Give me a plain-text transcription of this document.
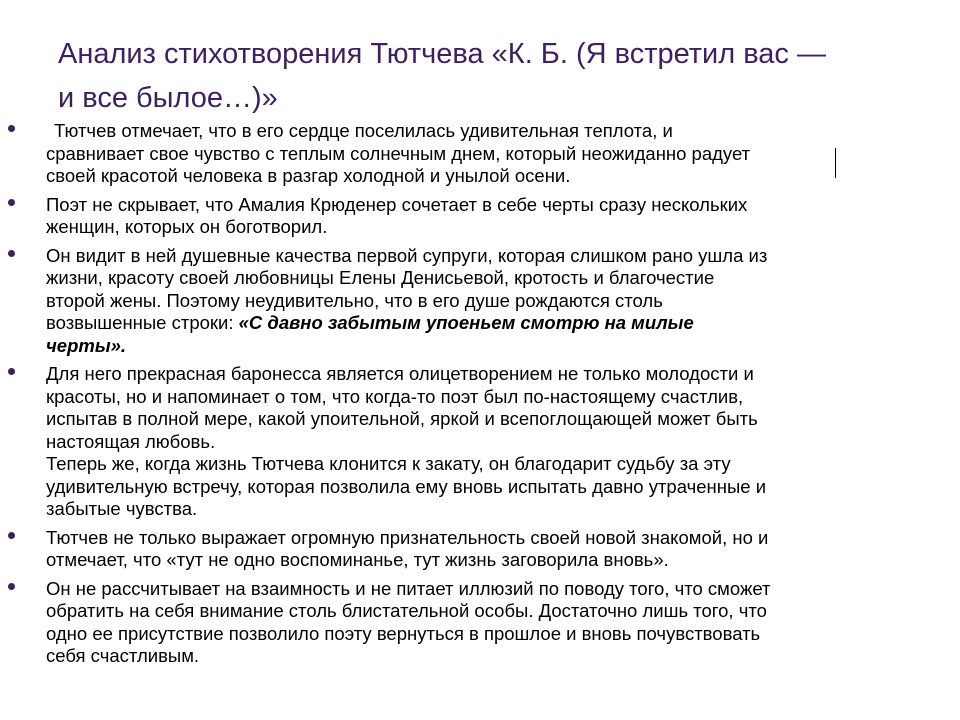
Анализ стихотворения Тютчева «К. Б. (Я встретил вас —
и все былое…)»
Тютчев отмечает, что в его сердце поселилась удивительная теплота, и
сравнивает свое чувство с теплым солнечным днем, который неожиданно радует
своей красотой человека в разгар холодной и унылой осени.
Поэт не скрывает, что Амалия Крюденер сочетает в себе черты сразу нескольких
женщин, которых он боготворил.
Он видит в ней душевные качества первой супруги, которая слишком рано ушла из
жизни, красоту своей любовницы Елены Денисьевой, кротость и благочестие
второй жены. Поэтому неудивительно, что в его душе рождаются столь
возвышенные строки: «С давно забытым упоеньем смотрю на милые
черты».
Для него прекрасная баронесса является олицетворением не только молодости и
красоты, но и напоминает о том, что когда-то поэт был по-настоящему счастлив,
испытав в полной мере, какой упоительной, яркой и всепоглощающей может быть
настоящая любовь.
Теперь же, когда жизнь Тютчева клонится к закату, он благодарит судьбу за эту
удивительную встречу, которая позволила ему вновь испытать давно утраченные и
забытые чувства.
Тютчев не только выражает огромную признательность своей новой знакомой, но и
отмечает, что «тут не одно воспоминанье, тут жизнь заговорила вновь».
Он не рассчитывает на взаимность и не питает иллюзий по поводу того, что сможет
обратить на себя внимание столь блистательной особы. Достаточно лишь того, что
одно ее присутствие позволило поэту вернуться в прошлое и вновь почувствовать
себя счастливым.
